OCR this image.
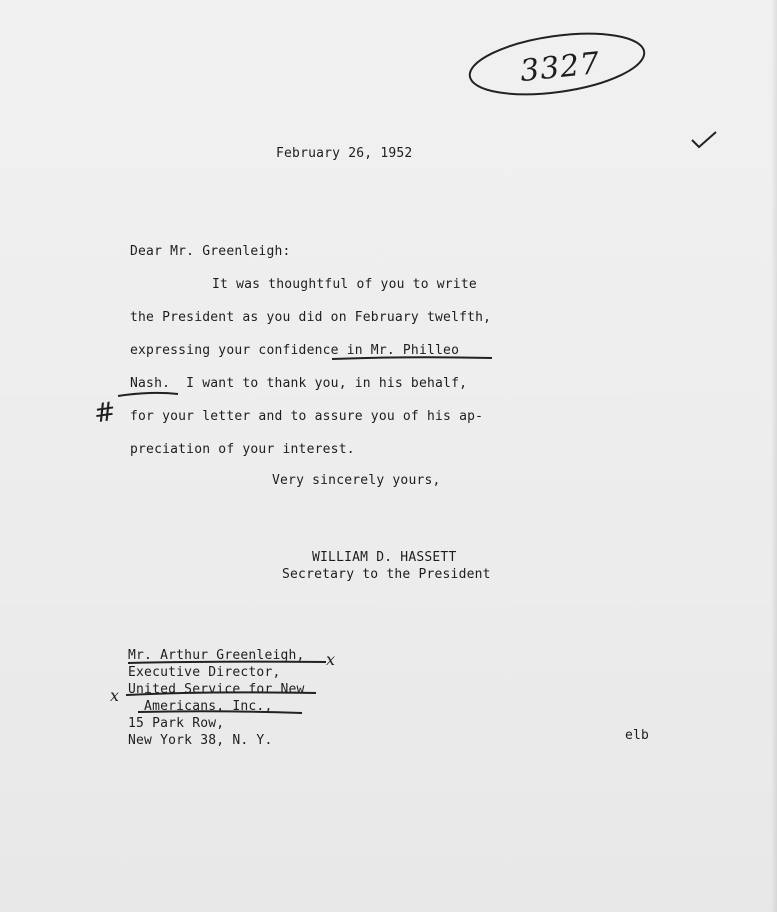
3327
February 26, 1952
Dear Mr. Greenleigh:
It was thoughtful of you to write
the President as you did on February twelfth,
expressing your confidence in Mr. Philleo
Nash.  I want to thank you, in his behalf,
for your letter and to assure you of his ap-
preciation of your interest.
#
Very sincerely yours,
WILLIAM D. HASSETT
Secretary to the President
Mr. Arthur Greenleigh,
Executive Director,
United Service for New
Americans, Inc.,
15 Park Row,
New York 38, N. Y.
x
x
elb
